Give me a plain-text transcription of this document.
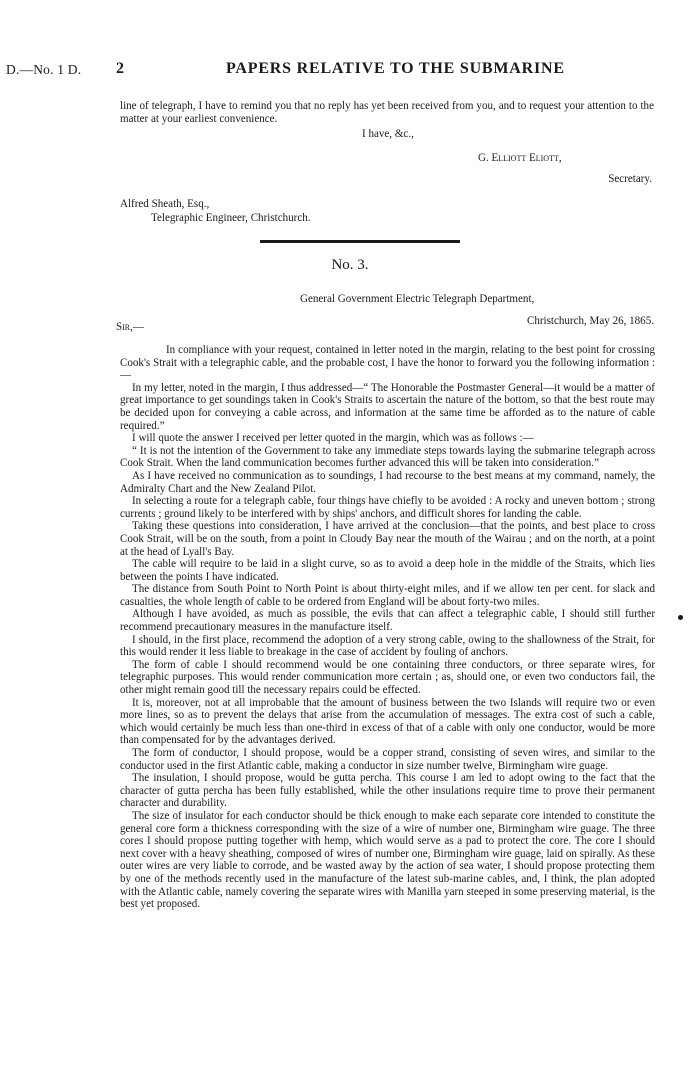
D.—No. 1 D. 2	PAPERS RELATIVE TO THE SUBMARINE
line of telegraph, I have to remind you that no reply has yet been received from you, and to request your attention to the matter at your earliest convenience.
I have, &c.,
G. Elliott Eliott,
Secretary.
Alfred Sheath, Esq.,
Telegraphic Engineer, Christchurch.
No. 3.
General Government Electric Telegraph Department,
Christchurch, May 26, 1865.
Sir,—

In compliance with your request, contained in letter noted in the margin, relating to the best point for crossing Cook's Strait with a telegraphic cable, and the probable cost, I have the honor to forward you the following information :—

In my letter, noted in the margin, I thus addressed—“ The Honorable the Postmaster General—it would be a matter of great importance to get soundings taken in Cook's Straits to ascertain the nature of the bottom, so that the best route may be decided upon for conveying a cable across, and information at the same time be afforded as to the nature of cable required.”

I will quote the answer I received per letter quoted in the margin, which was as follows :—

“ It is not the intention of the Government to take any immediate steps towards laying the submarine telegraph across Cook Strait. When the land communication becomes further advanced this will be taken into consideration.”

As I have received no communication as to soundings, I had recourse to the best means at my command, namely, the Admiralty Chart and the New Zealand Pilot.

In selecting a route for a telegraph cable, four things have chiefly to be avoided : A rocky and uneven bottom ; strong currents ; ground likely to be interfered with by ships' anchors, and difficult shores for landing the cable.

Taking these questions into consideration, I have arrived at the conclusion—that the points, and best place to cross Cook Strait, will be on the south, from a point in Cloudy Bay near the mouth of the Wairau ; and on the north, at a point at the head of Lyall's Bay.

The cable will require to be laid in a slight curve, so as to avoid a deep hole in the middle of the Straits, which lies between the points I have indicated.

The distance from South Point to North Point is about thirty-eight miles, and if we allow ten per cent. for slack and casualties, the whole length of cable to be ordered from England will be about forty-two miles.

Although I have avoided, as much as possible, the evils that can affect a telegraphic cable, I should still further recommend precautionary measures in the manufacture itself.

I should, in the first place, recommend the adoption of a very strong cable, owing to the shallowness of the Strait, for this would render it less liable to breakage in the case of accident by fouling of anchors.

The form of cable I should recommend would be one containing three conductors, or three separate wires, for telegraphic purposes. This would render communication more certain ; as, should one, or even two conductors fail, the other might remain good till the necessary repairs could be effected.

It is, moreover, not at all improbable that the amount of business between the two Islands will require two or even more lines, so as to prevent the delays that arise from the accumulation of messages. The extra cost of such a cable, which would certainly be much less than one-third in excess of that of a cable with only one conductor, would be more than compensated for by the advantages derived.

The form of conductor, I should propose, would be a copper strand, consisting of seven wires, and similar to the conductor used in the first Atlantic cable, making a conductor in size number twelve, Birmingham wire guage.

The insulation, I should propose, would be gutta percha. This course I am led to adopt owing to the fact that the character of gutta percha has been fully established, while the other insulations require time to prove their permanent character and durability.

The size of insulator for each conductor should be thick enough to make each separate core intended to constitute the general core form a thickness corresponding with the size of a wire of number one, Birmingham wire guage. The three cores I should propose putting together with hemp, which would serve as a pad to protect the core. The core I should next cover with a heavy sheathing, composed of wires of number one, Birmingham wire guage, laid on spirally. As these outer wires are very liable to corrode, and be wasted away by the action of sea water, I should propose protecting them by one of the methods recently used in the manufacture of the latest sub-marine cables, and, I think, the plan adopted with the Atlantic cable, namely covering the separate wires with Manilla yarn steeped in some preserving material, is the best yet proposed.
